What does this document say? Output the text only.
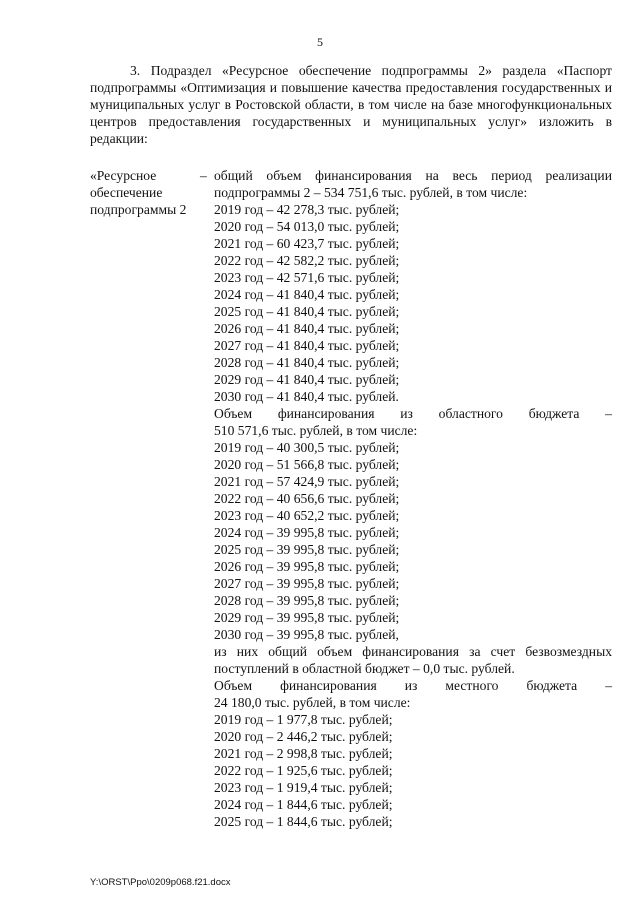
5

3. Подраздел «Ресурсное обеспечение подпрограммы 2» раздела «Паспорт подпрограммы «Оптимизация и повышение качества предоставления государственных и муниципальных услуг в Ростовской области, в том числе на базе многофункциональных центров предоставления государственных и муниципальных услуг» изложить в редакции:

«Ресурсное
обеспечение
подпрограммы 2
– общий объем финансирования на весь период реализации
подпрограммы 2 – 534 751,6 тыс. рублей, в том числе:
2019 год – 42 278,3 тыс. рублей;
2020 год – 54 013,0 тыс. рублей;
2021 год – 60 423,7 тыс. рублей;
2022 год – 42 582,2 тыс. рублей;
2023 год – 42 571,6 тыс. рублей;
2024 год – 41 840,4 тыс. рублей;
2025 год – 41 840,4 тыс. рублей;
2026 год – 41 840,4 тыс. рублей;
2027 год – 41 840,4 тыс. рублей;
2028 год – 41 840,4 тыс. рублей;
2029 год – 41 840,4 тыс. рублей;
2030 год – 41 840,4 тыс. рублей.
Объем финансирования из областного бюджета –
510 571,6 тыс. рублей, в том числе:
2019 год – 40 300,5 тыс. рублей;
2020 год – 51 566,8 тыс. рублей;
2021 год – 57 424,9 тыс. рублей;
2022 год – 40 656,6 тыс. рублей;
2023 год – 40 652,2 тыс. рублей;
2024 год – 39 995,8 тыс. рублей;
2025 год – 39 995,8 тыс. рублей;
2026 год – 39 995,8 тыс. рублей;
2027 год – 39 995,8 тыс. рублей;
2028 год – 39 995,8 тыс. рублей;
2029 год – 39 995,8 тыс. рублей;
2030 год – 39 995,8 тыс. рублей,
из них общий объем финансирования за счет безвозмездных поступлений в областной бюджет – 0,0 тыс. рублей.
Объем финансирования из местного бюджета –
24 180,0 тыс. рублей, в том числе:
2019 год – 1 977,8 тыс. рублей;
2020 год – 2 446,2 тыс. рублей;
2021 год – 2 998,8 тыс. рублей;
2022 год – 1 925,6 тыс. рублей;
2023 год – 1 919,4 тыс. рублей;
2024 год – 1 844,6 тыс. рублей;
2025 год – 1 844,6 тыс. рублей;
Y:\ORST\Ppo\0209p068.f21.docx
